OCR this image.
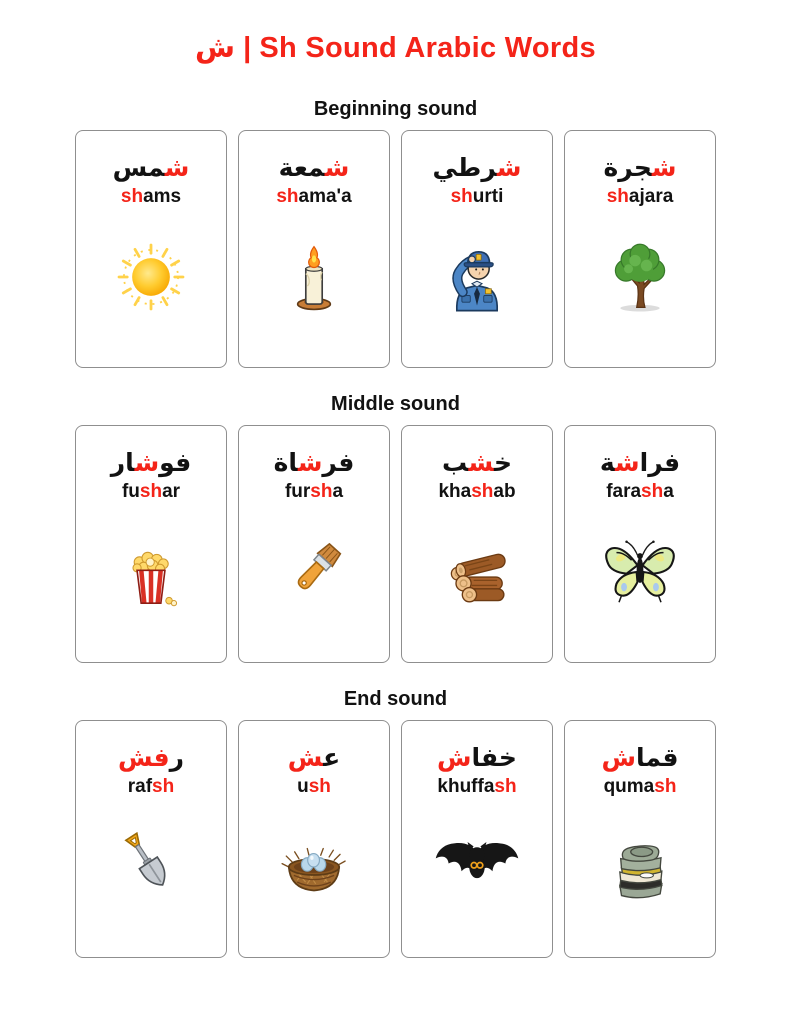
ش | Sh Sound Arabic Words
Beginning sound
شمس
shams
شمعة
shama'a
شرطي
shurti
شجرة
shajara
Middle sound
فوشار
fushar
فرشاة
fursha
خشب
khashab
فراشة
farasha
End sound
رفش
rafsh
عش
ush
خفاش
khuffash
قماش
qumash
